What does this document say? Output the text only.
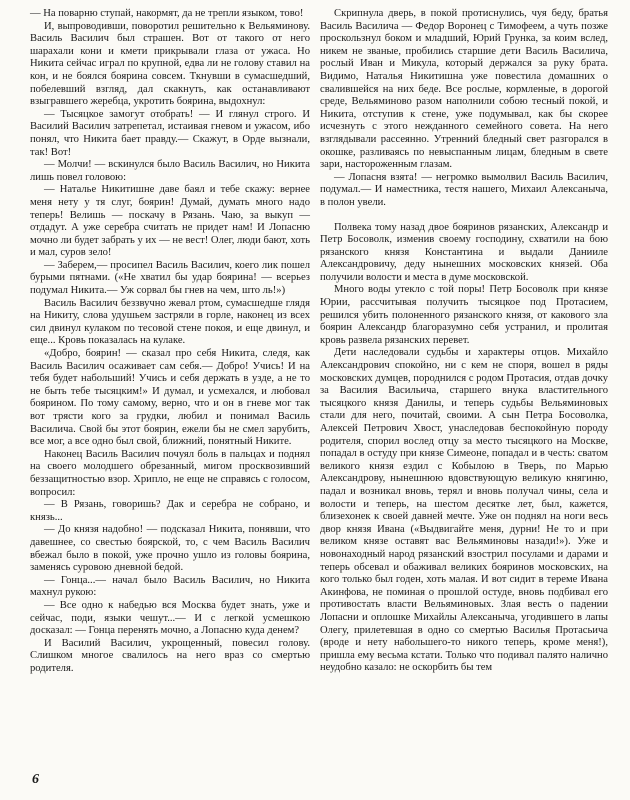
— На поварню ступай, накормят, да не трепли языком, тово!

И, выпроводивши, поворотил решительно к Вельяминову. Василь Василич был страшен. Вот от такого от него шарахали кони и кмети прикрывали глаза от ужаса. Но Никита сейчас играл по крупной, едва ли не голову ставил на кон, и не боялся боярина совсем. Ткнувши в сумасшедший, побелевший взгляд, дал скакнуть, как останавливают взыгравшего жеребца, укротить боярина, выдохнул:

— Тысяцкое замогут отобрать! — И глянул строго. И Василий Василич затрепетал, истаивая гневом и ужасом, ибо понял, что Никита бает правду.— Скажут, в Орде вызнали, так! Вот!

— Молчи! — вскинулся было Василь Василич, но Никита лишь повел головою:

— Наталье Никитишне даве баял и тебе скажу: вернее меня нету у тя слуг, боярин! Думай, думать много надо теперь! Велишь — поскачу в Рязань. Чаю, за выкуп — отдадут. А уже серебра считать не придет нам! И Лопасню мочно ли будет забрать у их — не вест! Олег, люди бают, хоть и мал, суров зело!

— Заберем,— просипел Василь Василич, коего лик пошел бурыми пятнами. («Не хватил бы удар боярина! — всерьез подумал Никита.— Уж сорвал бы гнев на чем, што ль!»)

Василь Василич беззвучно жевал ртом, сумасшедше глядя на Никиту, слова удушьем застряли в горле, наконец из всех сил двинул кулаком по тесовой стене покоя, и еще двинул, и еще... Кровь показалась на кулаке.

«Добро, боярин! — сказал про себя Никита, следя, как Василь Василич осаживает сам себя.— Добро! Учись! И на тебя будет набольший! Учись и себя держать в узде, а не то не быть тебе тысяцким!» И думал, и усмехался, и любовал боярином. По тому самому, верно, что и он в гневе мог так вот трясти кого за грудки, любил и понимал Василь Василича. Свой бы этот боярин, ежели бы не смел зарубить, все мог, а все одно был свой, ближний, понятный Никите.

Наконец Василь Василич почуял боль в пальцах и поднял на своего молодшего обрезанный, мигом просквозивший беззащитностью взор. Хрипло, не еще не справясь с голосом, вопросил:

— В Рязань, говоришь? Дак и серебра не собрано, и князь...

— До князя надобно! — подсказал Никита, понявши, что давешнее, со свестью боярской, то, с чем Василь Василич вбежал было в покой, уже прочно ушло из головы боярина, заменясь суровою дневной бедой.

— Гонца...— начал было Василь Василич, но Никита махнул рукою:

— Все одно к набедью вся Москва будет знать, уже и сейчас, поди, языки чешут...— И с легкой усмешкою досказал: — Гонца перенять мочно, а Лопасню куда денем?

И Василий Василич, укрощенный, повесил голову. Слишком многое свалилось на него враз со смертью родителя.

Скрипнула дверь, в покой протиснулись, чуя беду, братья Василь Василича — Федор Воронец с Тимофеем, а чуть позже проскользнул боком и младший, Юрий Грунка, за коим вслед, никем не званые, пробились старшие дети Василь Василича, рослый Иван и Микула, который держался за руку брата. Видимо, Наталья Никитишна уже повестила домашних о свалившейся на них беде. Все рослые, кормленые, в дорогой среде, Вельяминово разом наполнили собою тесный покой, и Никита, отступив к стене, уже подумывал, как бы скорее исчезнуть с этого нежданного семейного совета. На него взглядывали рассеянно. Утренний бледный свет разгорался в окошке, разливаясь по невыспанным лицам, бледным в свете зари, настороженным глазам.

— Лопасня взята! — негромко вымолвил Василь Василич, подумал.— И наместника, тестя нашего, Михаил Алексаныча, в полон увели.

Полвека тому назад двое бояринов рязанских, Александр и Петр Босоволк, изменив своему господину, схватили на бою рязанского князя Константина и выдали Данииле Александровичу, деду нынешних московских князей. Оба получили волости и места в думе московской.

Много воды утекло с той поры! Петр Босоволк при князе Юрии, рассчитывая получить тысяцкое под Протасием, решился убить полоненного рязанского князя, от какового зла боярин Александр благоразумно себя устранил, и пролитая кровь развела рязанских перевет.

Дети наследовали судьбы и характеры отцов. Михайло Александрович спокойно, ни с кем не споря, вошел в ряды московских думцев, породнился с родом Протасия, отдав дочку за Василия Васильича, старшего внука властительного тысяцкого князя Данилы, и теперь судьбы Вельяминовых стали для него, почитай, своими. А сын Петра Босоволка, Алексей Петрович Хвост, унаследовав беспокойную породу родителя, спорил вослед отцу за место тысяцкого на Москве, попадал в остуду при князе Симеоне, попадал и в честь: сватом великого князя ездил с Кобылою в Тверь, по Марью Александрову, нынешнюю вдовствующую великую княгиню, падал и возникал вновь, терял и вновь получал чины, села и волости и теперь, на шестом десятке лет, был, кажется, близехонек к своей давней мечте. Уже он поднял на ноги весь двор князя Ивана («Выдвигайте меня, дурни! Не то и при великом князе оставят вас Вельяминовы назади!»). Уже и новонаходный народ рязанский взострил посулами и дарами и теперь обсевал и обаживал великих бояринов московских, на кого только был годен, хоть малая. И вот сидит в тереме Ивана Акинфова, не поминая о прошлой остуде, вновь подбивал его противостать власти Вельяминовых. Злая весть о падении Лопасни и оплошке Михайлы Алексаныча, угодившего в лапы Олегу, прилетевшая в одно со смертью Василья Протасьича (вроде и нету набольшего-то никого теперь, кроме меня!), пришла ему весьма кстати. Только что подивал палято налично неудобно казало: не оскорбить бы тем

6
